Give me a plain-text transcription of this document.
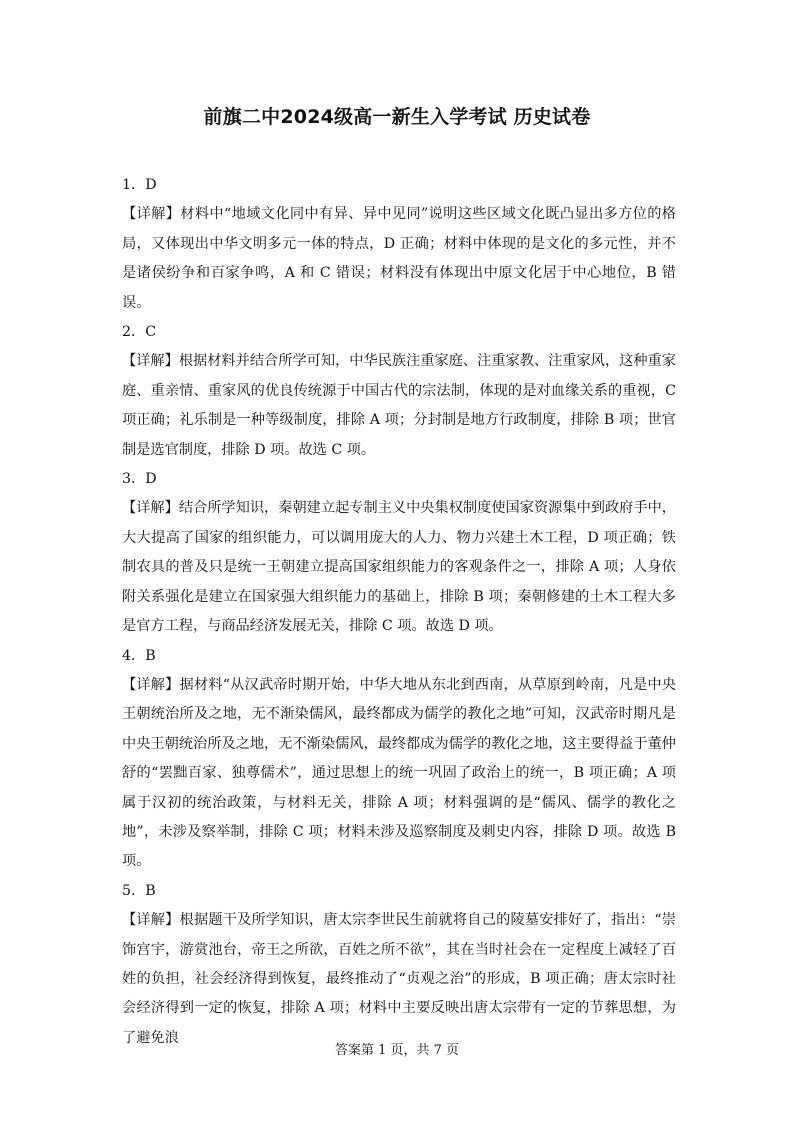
前旗二中2024级高一新生入学考试 历史试卷

1．D

【详解】材料中“地域文化同中有异、异中见同”说明这些区域文化既凸显出多方位的格局，又体现出中华文明多元一体的特点，D 正确；材料中体现的是文化的多元性，并不是诸侯纷争和百家争鸣，A 和 C 错误；材料没有体现出中原文化居于中心地位，B 错误。

2．C

【详解】根据材料并结合所学可知，中华民族注重家庭、注重家教、注重家风，这种重家庭、重亲情、重家风的优良传统源于中国古代的宗法制，体现的是对血缘关系的重视，C 项正确；礼乐制是一种等级制度，排除 A 项；分封制是地方行政制度，排除 B 项；世官制是选官制度，排除 D 项。故选 C 项。

3．D

【详解】结合所学知识，秦朝建立起专制主义中央集权制度使国家资源集中到政府手中，大大提高了国家的组织能力，可以调用庞大的人力、物力兴建土木工程，D 项正确；铁制农具的普及只是统一王朝建立提高国家组织能力的客观条件之一，排除 A 项；人身依附关系强化是建立在国家强大组织能力的基础上，排除 B 项；秦朝修建的土木工程大多是官方工程，与商品经济发展无关，排除 C 项。故选 D 项。

4．B

【详解】据材料“从汉武帝时期开始，中华大地从东北到西南，从草原到岭南，凡是中央王朝统治所及之地，无不渐染儒风，最终都成为儒学的教化之地”可知，汉武帝时期凡是中央王朝统治所及之地，无不渐染儒风，最终都成为儒学的教化之地，这主要得益于董仲舒的“罢黜百家、独尊儒术”，通过思想上的统一巩固了政治上的统一，B 项正确；A 项属于汉初的统治政策，与材料无关，排除 A 项；材料强调的是“儒风、儒学的教化之地”，未涉及察举制，排除 C 项；材料未涉及巡察制度及刺史内容，排除 D 项。故选 B 项。

5．B

【详解】根据题干及所学知识，唐太宗李世民生前就将自己的陵墓安排好了，指出：“崇饰宫宇，游赏池台，帝王之所欲，百姓之所不欲”，其在当时社会在一定程度上减轻了百姓的负担，社会经济得到恢复，最终推动了“贞观之治”的形成，B 项正确；唐太宗时社会经济得到一定的恢复，排除 A 项；材料中主要反映出唐太宗带有一定的节葬思想，为了避免浪

答案第 1 页，共 7 页
